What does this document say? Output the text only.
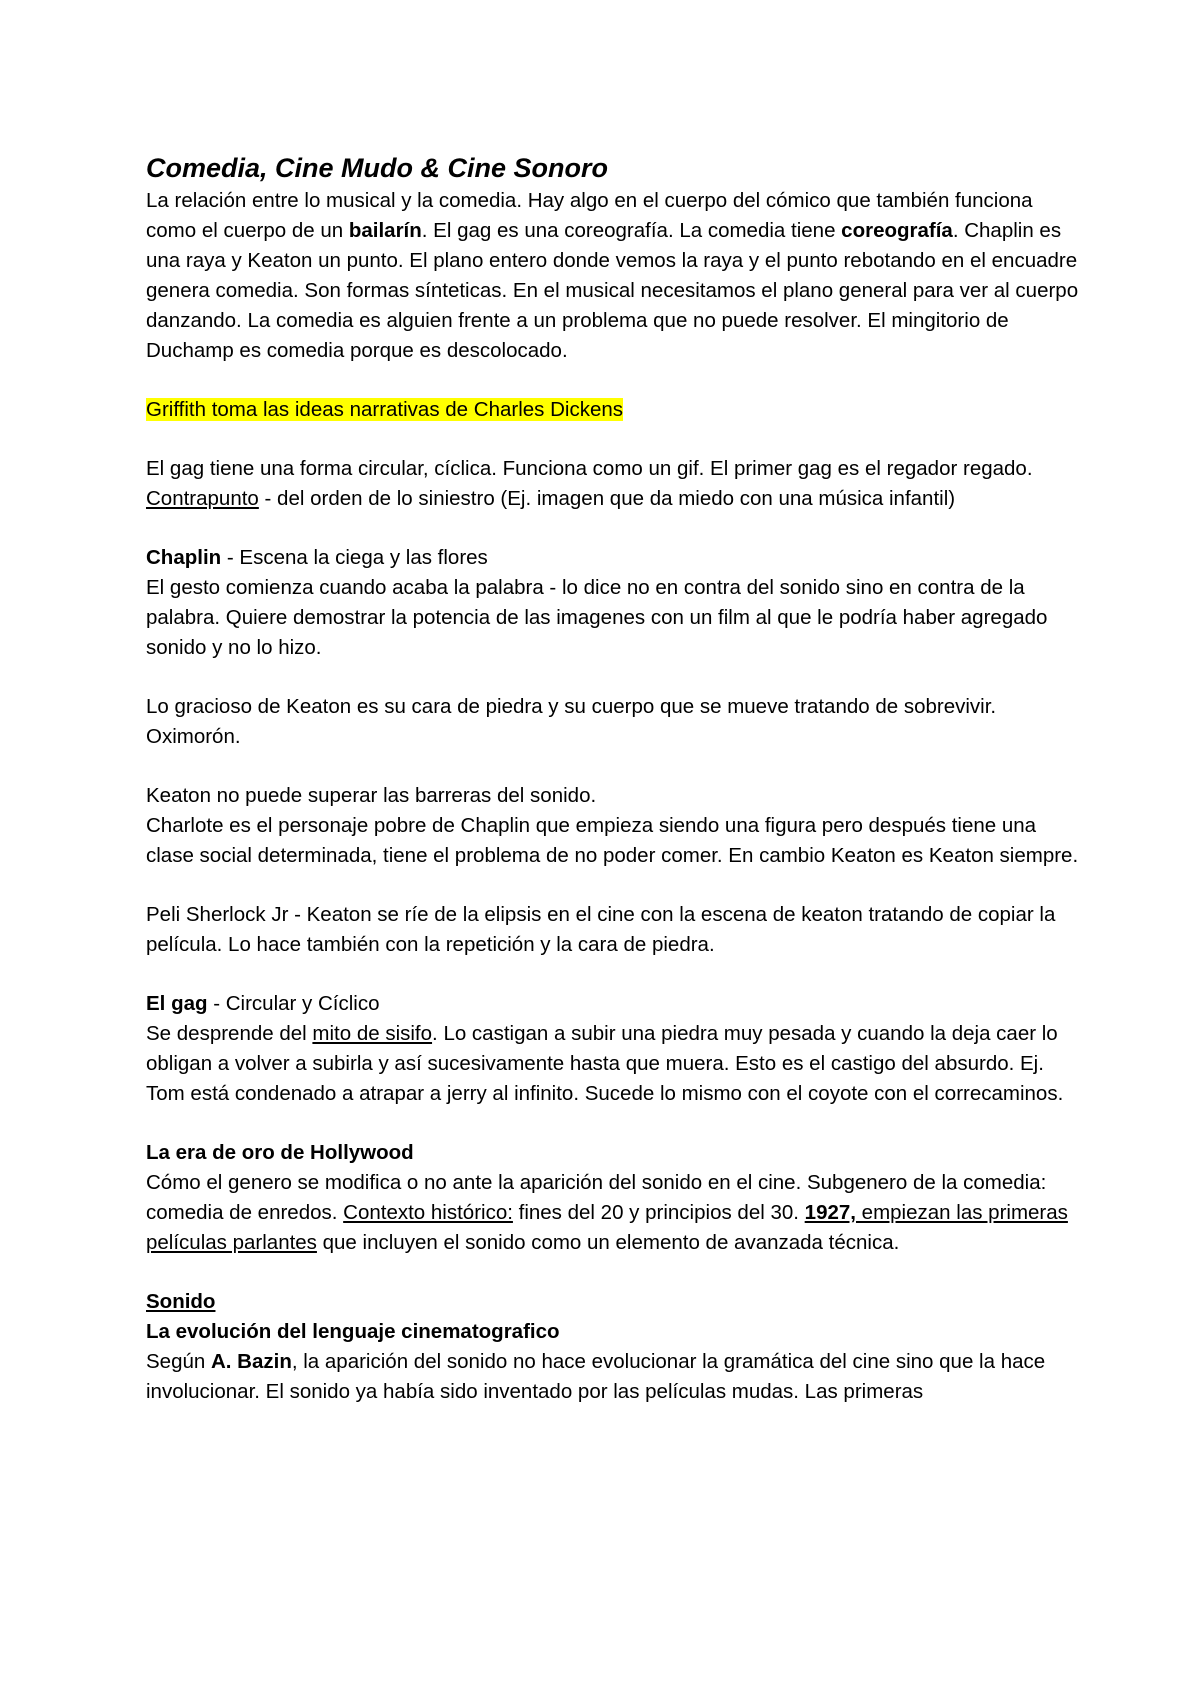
Comedia, Cine Mudo & Cine Sonoro

La relación entre lo musical y la comedia. Hay algo en el cuerpo del cómico que también funciona como el cuerpo de un bailarín. El gag es una coreografía. La comedia tiene coreografía. Chaplin es una raya y Keaton un punto. El plano entero donde vemos la raya y el punto rebotando en el encuadre genera comedia. Son formas sínteticas. En el musical necesitamos el plano general para ver al cuerpo danzando. La comedia es alguien frente a un problema que no puede resolver. El mingitorio de Duchamp es comedia porque es descolocado.

Griffith toma las ideas narrativas de Charles Dickens

El gag tiene una forma circular, cíclica. Funciona como un gif. El primer gag es el regador regado.

Contrapunto - del orden de lo siniestro (Ej. imagen que da miedo con una música infantil)

Chaplin - Escena la ciega y las flores

El gesto comienza cuando acaba la palabra - lo dice no en contra del sonido sino en contra de la palabra. Quiere demostrar la potencia de las imagenes con un film al que le podría haber agregado sonido y no lo hizo.

Lo gracioso de Keaton es su cara de piedra y su cuerpo que se mueve tratando de sobrevivir. Oximorón.

Keaton no puede superar las barreras del sonido.

Charlote es el personaje pobre de Chaplin que empieza siendo una figura pero después tiene una clase social determinada, tiene el problema de no poder comer. En cambio Keaton es Keaton siempre.

Peli Sherlock Jr - Keaton se ríe de la elipsis en el cine con la escena de keaton tratando de copiar la película. Lo hace también con la repetición y la cara de piedra.

El gag - Circular y Cíclico

Se desprende del mito de sisifo. Lo castigan a subir una piedra muy pesada y cuando la deja caer lo obligan a volver a subirla y así sucesivamente hasta que muera. Esto es el castigo del absurdo. Ej. Tom está condenado a atrapar a jerry al infinito. Sucede lo mismo con el coyote con el correcaminos.

La era de oro de Hollywood

Cómo el genero se modifica o no ante la aparición del sonido en el cine. Subgenero de la comedia: comedia de enredos. Contexto histórico: fines del 20 y principios del 30. 1927, empiezan las primeras películas parlantes que incluyen el sonido como un elemento de avanzada técnica.

Sonido

La evolución del lenguaje cinematografico

Según A. Bazin, la aparición del sonido no hace evolucionar la gramática del cine sino que la hace involucionar. El sonido ya había sido inventado por las películas mudas. Las primeras
